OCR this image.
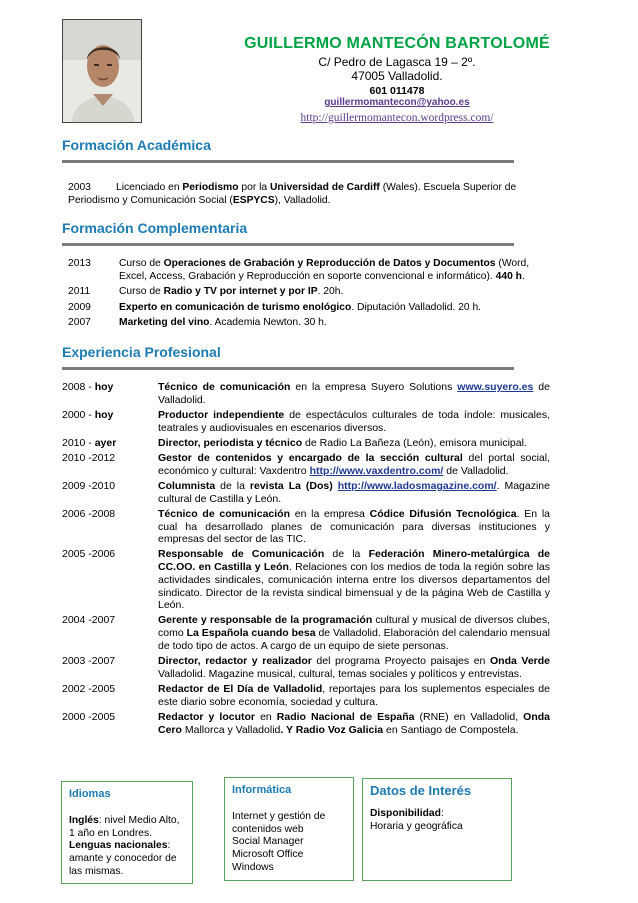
GUILLERMO MANTECÓN BARTOLOMÉ
C/ Pedro de Lagasca 19 – 2º.
47005 Valladolid.
601 011478
guillermomantecon@yahoo.es
http://guillermomantecon.wordpress.com/
Formación Académica
2003 Licenciado en Periodismo por la Universidad de Cardiff (Wales). Escuela Superior de Periodismo y Comunicación Social (ESPYCS), Valladolid.
Formación Complementaria
2013	Curso de Operaciones de Grabación y Reproducción de Datos y Documentos (Word, Excel, Access, Grabación y Reproducción en soporte convencional e informático). 440 h.
2011	Curso de Radio y TV por internet y por IP. 20h.
2009	Experto en comunicación de turismo enológico. Diputación Valladolid. 20 h.
2007	Marketing del vino. Academia Newton. 30 h.
Experiencia Profesional
2008 - hoy	Técnico de comunicación en la empresa Suyero Solutions www.suyero.es de Valladolid.
2000 - hoy	Productor independiente de espectáculos culturales de toda índole: musicales, teatrales y audiovisuales en escenarios diversos.
2010 - ayer	Director, periodista y técnico de Radio La Bañeza (León), emisora municipal.
2010 -2012	Gestor de contenidos y encargado de la sección cultural del portal social, económico y cultural: Vaxdentro http://www.vaxdentro.com/ de Valladolid.
2009 -2010	Columnista de la revista La (Dos) http://www.ladosmagazine.com/. Magazine cultural de Castilla y León.
2006 -2008	Técnico de comunicación en la empresa Códice Difusión Tecnológica. En la cual ha desarrollado planes de comunicación para diversas instituciones y empresas del sector de las TIC.
2005 -2006	Responsable de Comunicación de la Federación Minero-metalúrgica de CC.OO. en Castilla y León. Relaciones con los medios de toda la región sobre las actividades sindicales, comunicación interna entre los diversos departamentos del sindicato. Director de la revista sindical bimensual y de la página Web de Castilla y León.
2004 -2007	Gerente y responsable de la programación cultural y musical de diversos clubes, como La Española cuando besa de Valladolid. Elaboración del calendario mensual de todo tipo de actos. A cargo de un equipo de siete personas.
2003 -2007	Director, redactor y realizador del programa Proyecto paisajes en Onda Verde Valladolid. Magazine musical, cultural, temas sociales y políticos y entrevistas.
2002 -2005	Redactor de El Día de Valladolid, reportajes para los suplementos especiales de este diario sobre economía, sociedad y cultura.
2000 -2005	Redactor y locutor en Radio Nacional de España (RNE) en Valladolid, Onda Cero Mallorca y Valladolid. Y Radio Voz Galicia en Santiago de Compostela.
Idiomas
Inglés: nivel Medio Alto, 1 año en Londres.
Lenguas nacionales: amante y conocedor de las mismas.
Informática
Internet y gestión de contenidos web
Social Manager
Microsoft Office
Windows
Datos de Interés
Disponibilidad:
Horaria y geográfica
